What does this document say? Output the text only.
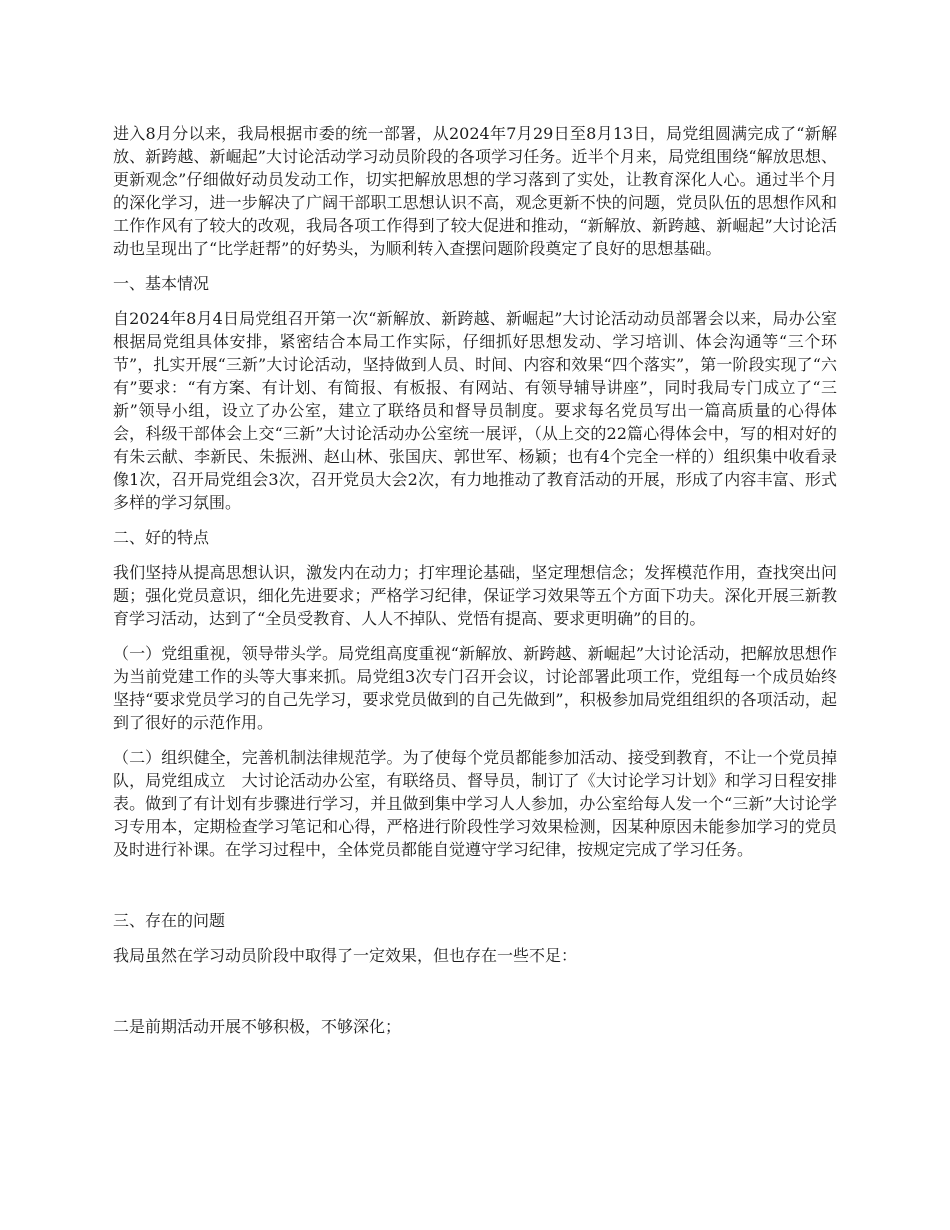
进入8月分以来，我局根据市委的统一部署，从2024年7月29日至8月13日，局党组圆满完成了“新解放、新跨越、新崛起”大讨论活动学习动员阶段的各项学习任务。近半个月来，局党组围绕“解放思想、更新观念”仔细做好动员发动工作，切实把解放思想的学习落到了实处，让教育深化人心。通过半个月的深化学习，进一步解决了广阔干部职工思想认识不高，观念更新不快的问题，党员队伍的思想作风和工作作风有了较大的改观，我局各项工作得到了较大促进和推动，“新解放、新跨越、新崛起”大讨论活动也呈现出了“比学赶帮”的好势头，为顺利转入查摆问题阶段奠定了良好的思想基础。

一、基本情况

自2024年8月4日局党组召开第一次“新解放、新跨越、新崛起”大讨论活动动员部署会以来，局办公室根据局党组具体安排，紧密结合本局工作实际，仔细抓好思想发动、学习培训、体会沟通等“三个环节”，扎实开展“三新”大讨论活动，坚持做到人员、时间、内容和效果“四个落实”，第一阶段实现了“六有”要求：“有方案、有计划、有简报、有板报、有网站、有领导辅导讲座”，同时我局专门成立了“三新”领导小组，设立了办公室，建立了联络员和督导员制度。要求每名党员写出一篇高质量的心得体会，科级干部体会上交“三新”大讨论活动办公室统一展评，（从上交的22篇心得体会中，写的相对好的有朱云献、李新民、朱振洲、赵山林、张国庆、郭世军、杨颖；也有4个完全一样的）组织集中收看录像1次，召开局党组会3次，召开党员大会2次，有力地推动了教育活动的开展，形成了内容丰富、形式多样的学习氛围。

二、好的特点

我们坚持从提高思想认识，激发内在动力；打牢理论基础，坚定理想信念；发挥模范作用，查找突出问题；强化党员意识，细化先进要求；严格学习纪律，保证学习效果等五个方面下功夫。深化开展三新教育学习活动，达到了“全员受教育、人人不掉队、党悟有提高、要求更明确”的目的。

（一）党组重视，领导带头学。局党组高度重视“新解放、新跨越、新崛起”大讨论活动，把解放思想作为当前党建工作的头等大事来抓。局党组3次专门召开会议，讨论部署此项工作，党组每一个成员始终坚持“要求党员学习的自己先学习，要求党员做到的自己先做到”，积极参加局党组组织的各项活动，起到了很好的示范作用。

（二）组织健全，完善机制法律规范学。为了使每个党员都能参加活动、接受到教育，不让一个党员掉队，局党组成立　大讨论活动办公室，有联络员、督导员，制订了《大讨论学习计划》和学习日程安排表。做到了有计划有步骤进行学习，并且做到集中学习人人参加，办公室给每人发一个“三新”大讨论学习专用本，定期检查学习笔记和心得，严格进行阶段性学习效果检测，因某种原因未能参加学习的党员及时进行补课。在学习过程中，全体党员都能自觉遵守学习纪律，按规定完成了学习任务。

三、存在的问题

我局虽然在学习动员阶段中取得了一定效果，但也存在一些不足：

二是前期活动开展不够积极，不够深化；
